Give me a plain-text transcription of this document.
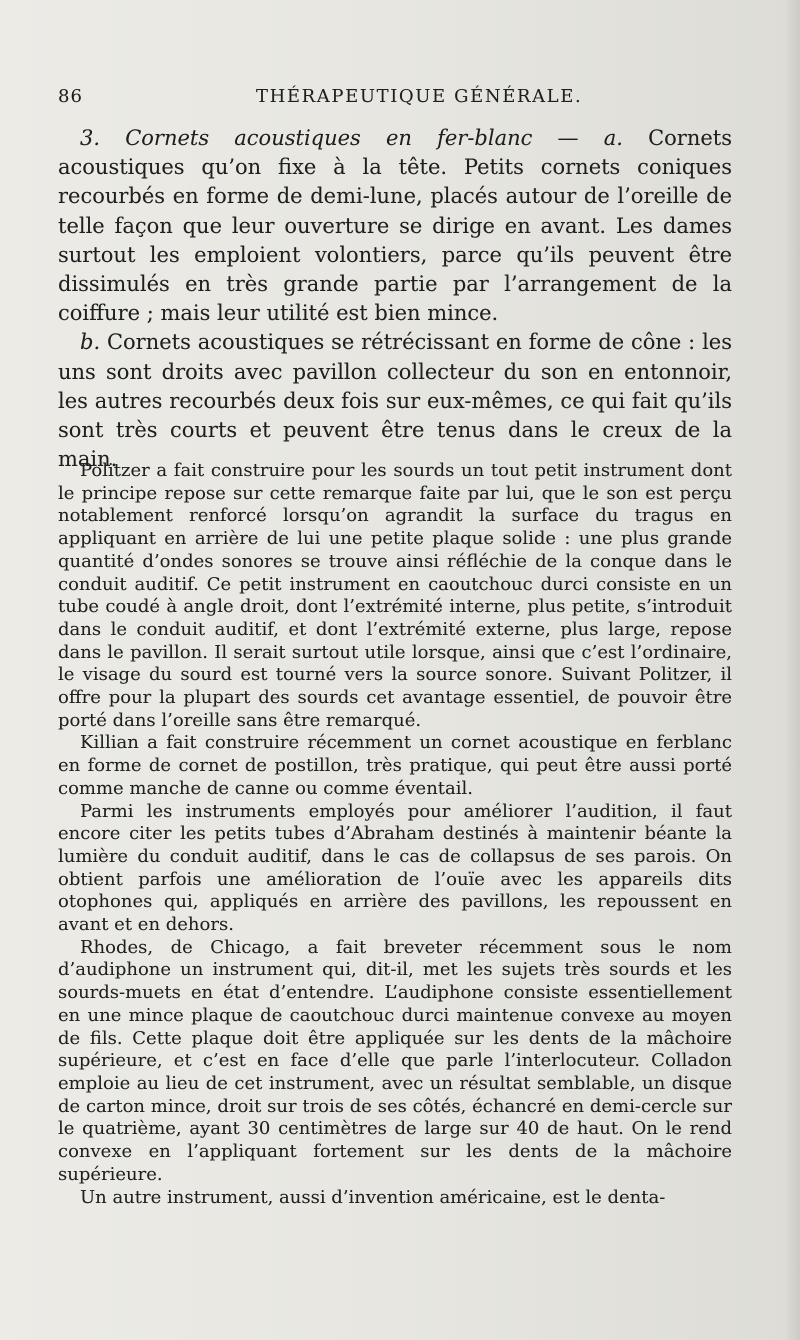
86	THÉRAPEUTIQUE GÉNÉRALE.

3. Cornets acoustiques en fer-blanc — a. Cornets acoustiques qu’on fixe à la tête. Petits cornets coniques recourbés en forme de demi-lune, placés autour de l’oreille de telle façon que leur ouverture se dirige en avant. Les dames surtout les emploient volontiers, parce qu’ils peuvent être dissimulés en très grande partie par l’arrangement de la coiffure ; mais leur utilité est bien mince.

b. Cornets acoustiques se rétrécissant en forme de cône : les uns sont droits avec pavillon collecteur du son en entonnoir, les autres recourbés deux fois sur eux-mêmes, ce qui fait qu’ils sont très courts et peuvent être tenus dans le creux de la main.

Politzer a fait construire pour les sourds un tout petit instrument dont le principe repose sur cette remarque faite par lui, que le son est perçu notablement renforcé lorsqu’on agrandit la surface du tragus en appliquant en arrière de lui une petite plaque solide : une plus grande quantité d’ondes sonores se trouve ainsi réfléchie de la conque dans le conduit auditif. Ce petit instrument en caoutchouc durci consiste en un tube coudé à angle droit, dont l’extrémité interne, plus petite, s’introduit dans le conduit auditif, et dont l’extrémité externe, plus large, repose dans le pavillon. Il serait surtout utile lorsque, ainsi que c’est l’ordinaire, le visage du sourd est tourné vers la source sonore. Suivant Politzer, il offre pour la plupart des sourds cet avantage essentiel, de pouvoir être porté dans l’oreille sans être remarqué.

Killian a fait construire récemment un cornet acoustique en ferblanc en forme de cornet de postillon, très pratique, qui peut être aussi porté comme manche de canne ou comme éventail.

Parmi les instruments employés pour améliorer l’audition, il faut encore citer les petits tubes d’Abraham destinés à maintenir béante la lumière du conduit auditif, dans le cas de collapsus de ses parois. On obtient parfois une amélioration de l’ouïe avec les appareils dits otophones qui, appliqués en arrière des pavillons, les repoussent en avant et en dehors.

Rhodes, de Chicago, a fait breveter récemment sous le nom d’audiphone un instrument qui, dit-il, met les sujets très sourds et les sourds-muets en état d’entendre. L’audiphone consiste essentiellement en une mince plaque de caoutchouc durci maintenue convexe au moyen de fils. Cette plaque doit être appliquée sur les dents de la mâchoire supérieure, et c’est en face d’elle que parle l’interlocuteur. Colladon emploie au lieu de cet instrument, avec un résultat semblable, un disque de carton mince, droit sur trois de ses côtés, échancré en demi-cercle sur le quatrième, ayant 30 centimètres de large sur 40 de haut. On le rend convexe en l’appliquant fortement sur les dents de la mâchoire supérieure.

Un autre instrument, aussi d’invention américaine, est le denta-
